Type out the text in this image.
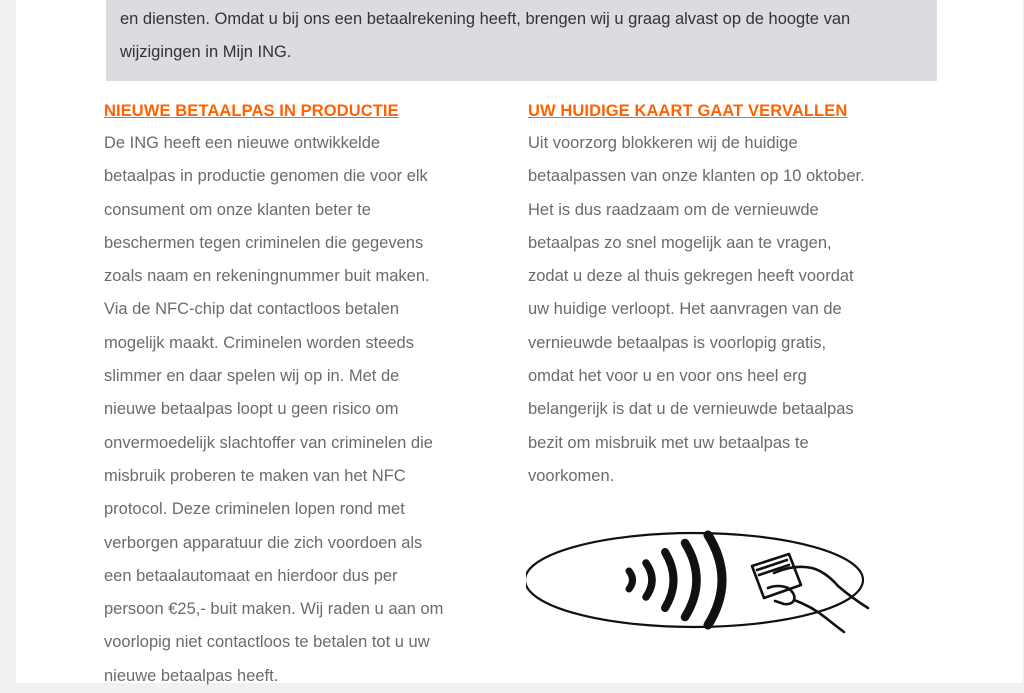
en diensten. Omdat u bij ons een betaalrekening heeft, brengen wij u graag alvast op de hoogte van
wijzigingen in Mijn ING.

NIEUWE BETAALPAS IN PRODUCTIE

De ING heeft een nieuwe ontwikkelde
betaalpas in productie genomen die voor elk
consument om onze klanten beter te
beschermen tegen criminelen die gegevens
zoals naam en rekeningnummer buit maken.
Via de NFC-chip dat contactloos betalen
mogelijk maakt. Criminelen worden steeds
slimmer en daar spelen wij op in. Met de
nieuwe betaalpas loopt u geen risico om
onvermoedelijk slachtoffer van criminelen die
misbruik proberen te maken van het NFC
protocol. Deze criminelen lopen rond met
verborgen apparatuur die zich voordoen als
een betaalautomaat en hierdoor dus per
persoon €25,- buit maken. Wij raden u aan om
voorlopig niet contactloos te betalen tot u uw
nieuwe betaalpas heeft.

UW HUIDIGE KAART GAAT VERVALLEN

Uit voorzorg blokkeren wij de huidige
betaalpassen van onze klanten op 10 oktober.
Het is dus raadzaam om de vernieuwde
betaalpas zo snel mogelijk aan te vragen,
zodat u deze al thuis gekregen heeft voordat
uw huidige verloopt. Het aanvragen van de
vernieuwde betaalpas is voorlopig gratis,
omdat het voor u en voor ons heel erg
belangerijk is dat u de vernieuwde betaalpas
bezit om misbruik met uw betaalpas te
voorkomen.
